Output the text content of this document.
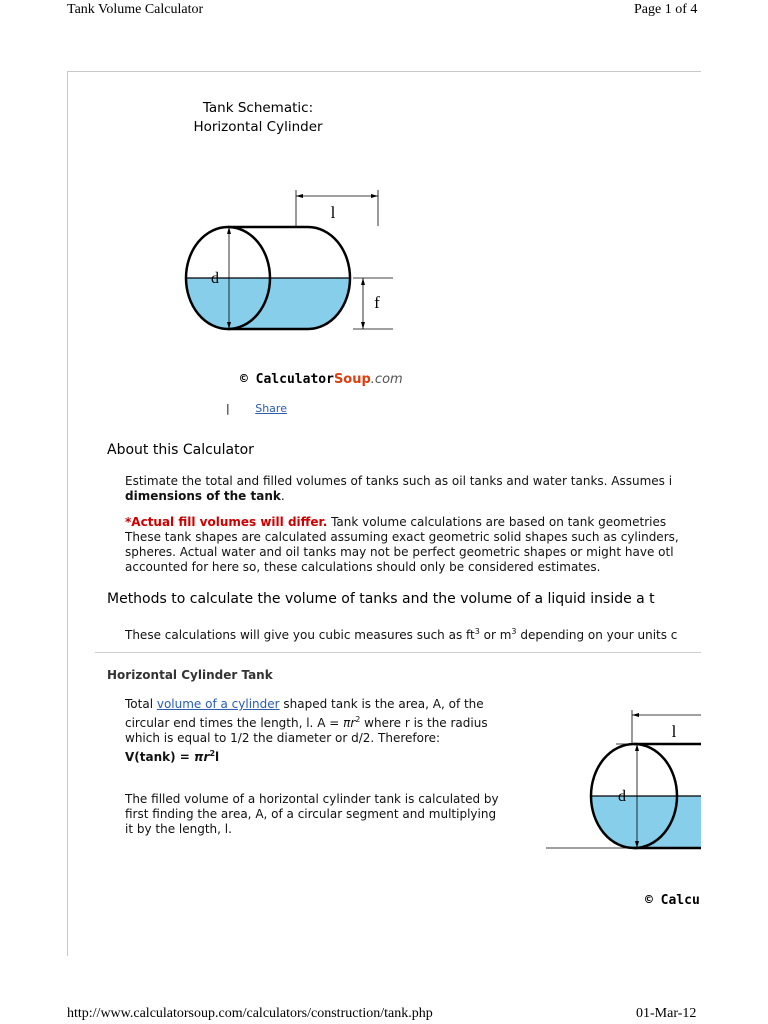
Tank Volume Calculator	Page 1 of 4
Tank Schematic:
Horizontal Cylinder
l
d
f
© CalculatorSoup.com
| Share
About this Calculator
Estimate the total and filled volumes of tanks such as oil tanks and water tanks. Assumes i
dimensions of the tank.
*Actual fill volumes will differ. Tank volume calculations are based on tank geometries
These tank shapes are calculated assuming exact geometric solid shapes such as cylinders,
spheres. Actual water and oil tanks may not be perfect geometric shapes or might have otl
accounted for here so, these calculations should only be considered estimates.
Methods to calculate the volume of tanks and the volume of a liquid inside a t
These calculations will give you cubic measures such as $ft^3$ or $m^3$ depending on your units c
Horizontal Cylinder Tank
Total volume of a cylinder shaped tank is the area, A, of the circular end times the length, l. $A = \pi r^2$ where r is the radius which is equal to 1/2 the diameter or d/2. Therefore:
$V(\tan k) = \pi r^2l$
The filled volume of a horizontal cylinder tank is calculated by first finding the area, A, of a circular segment and multiplying it by the length, l.
l
d
© Calcu
http://www.calculatorsoup.com/calculators/construction/tank.php	01-Mar-12
